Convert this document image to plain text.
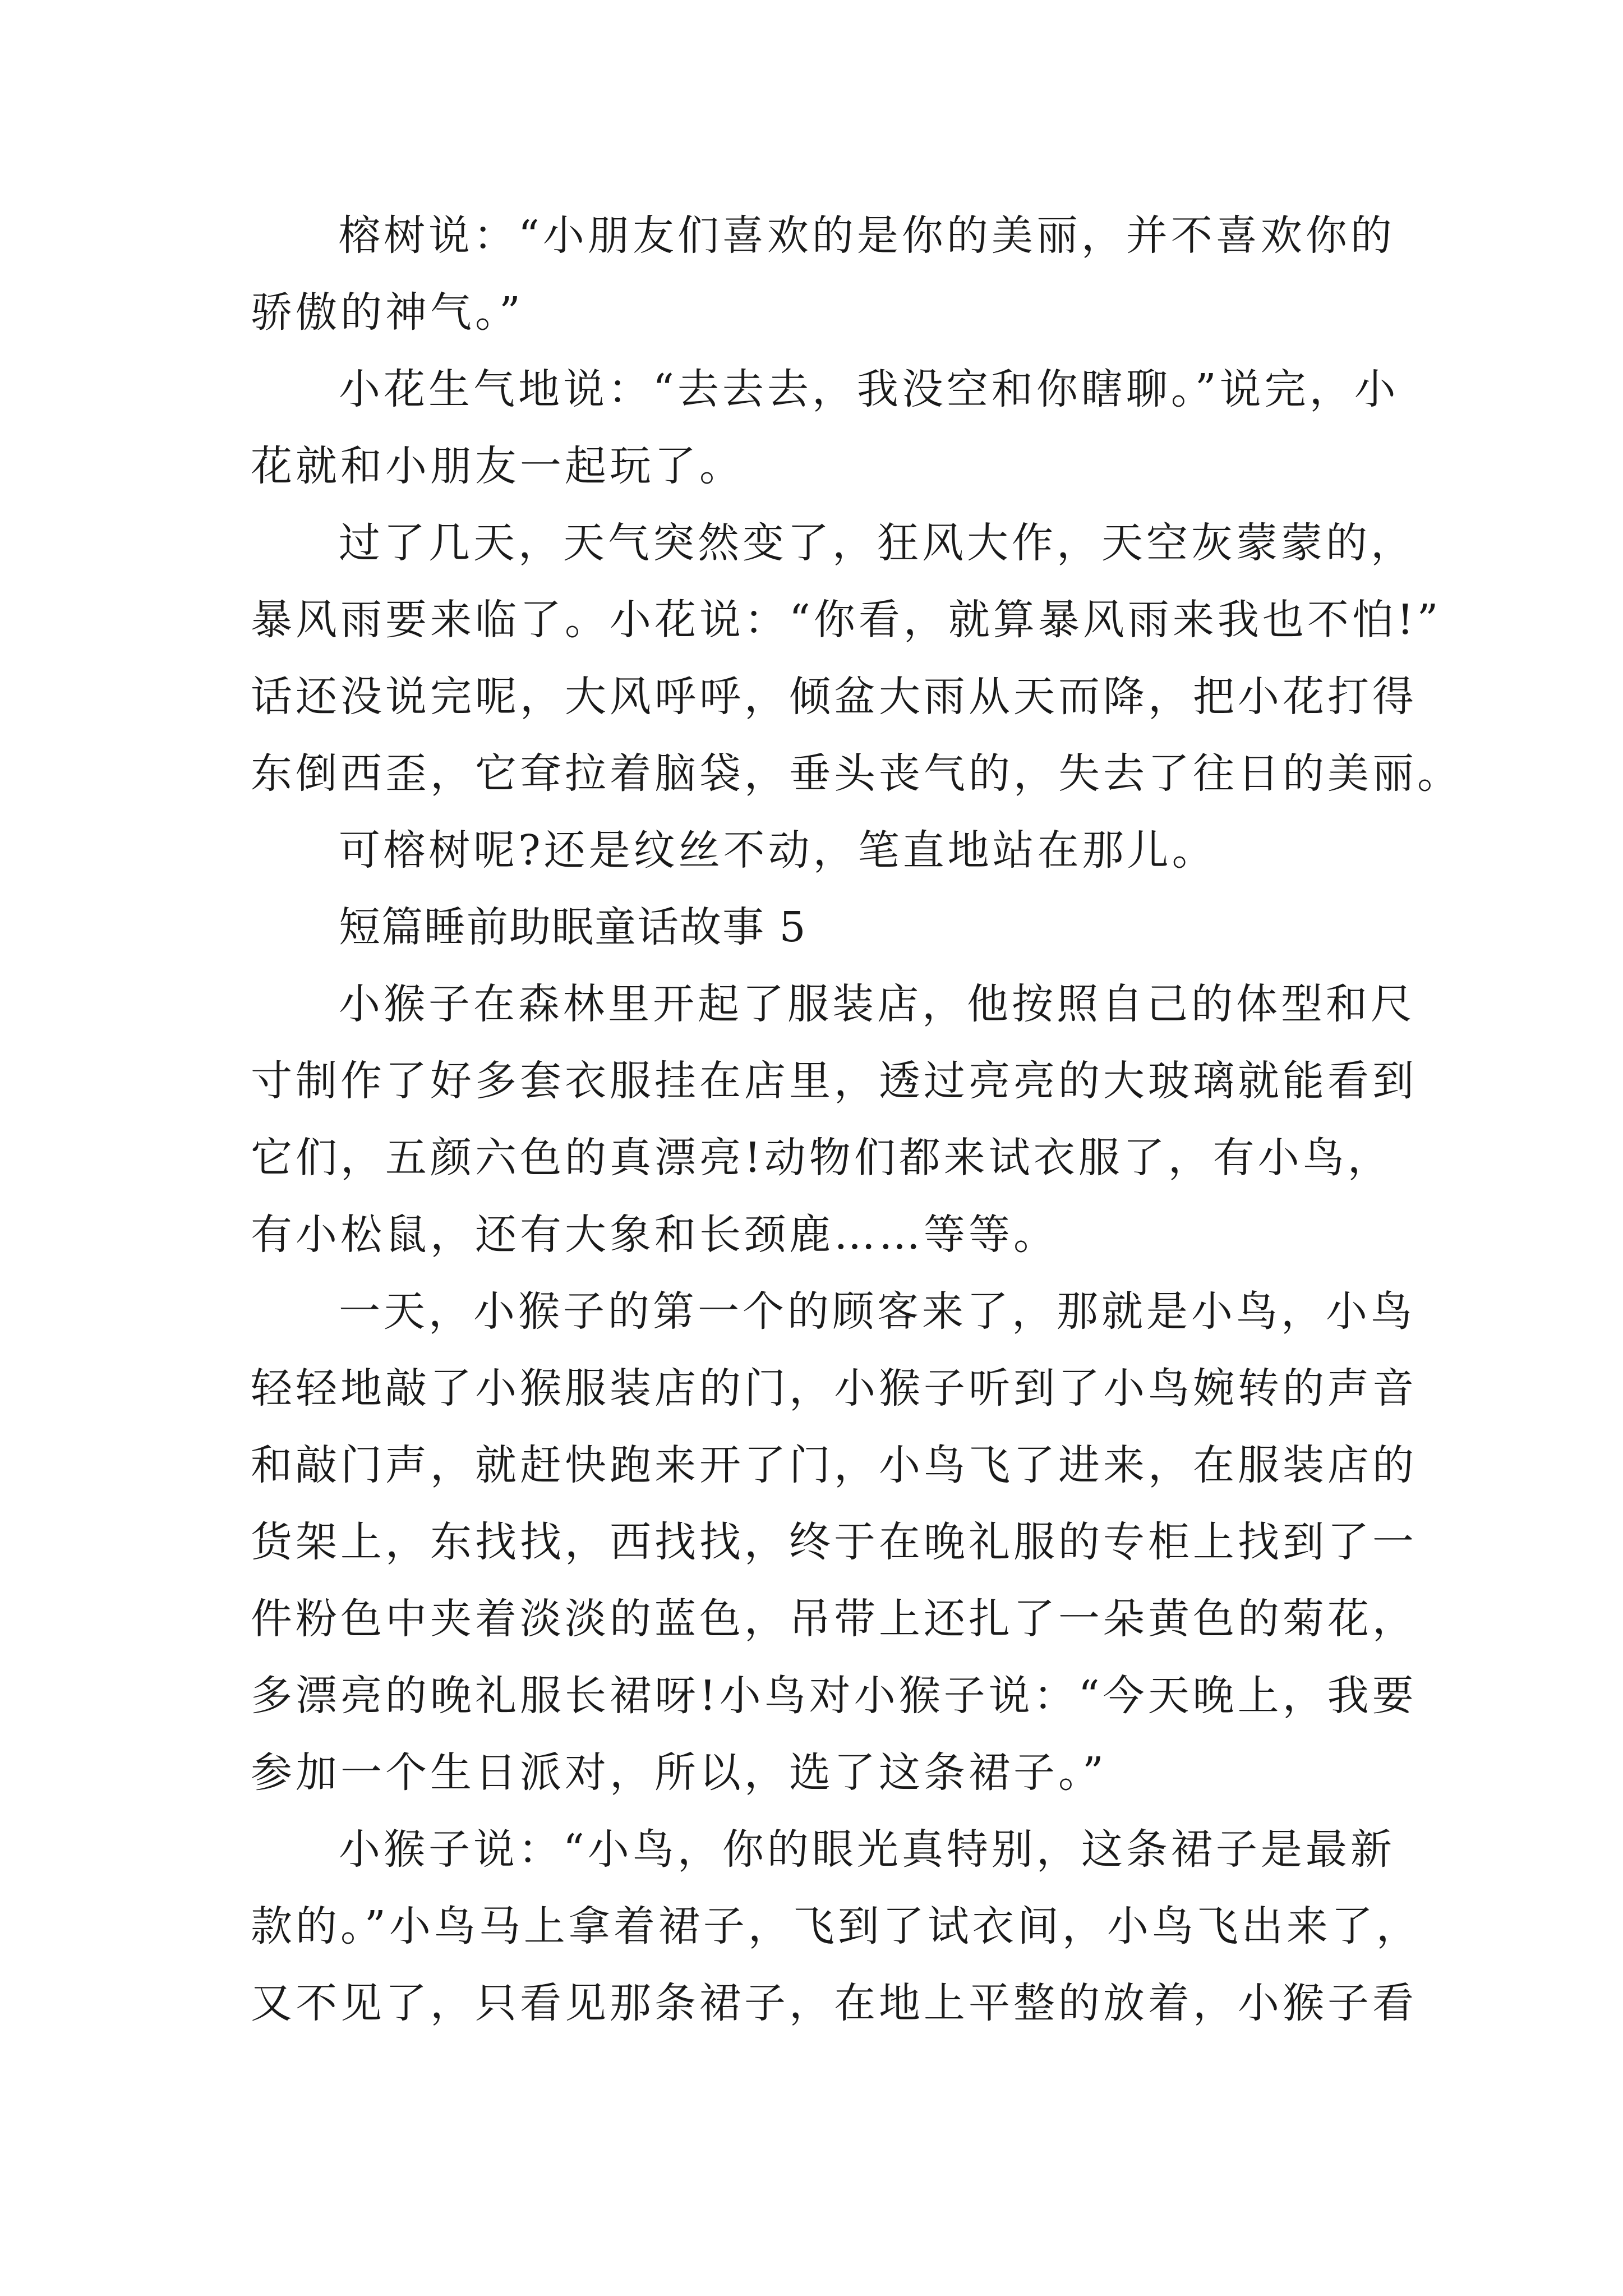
榕树说：“小朋友们喜欢的是你的美丽，并不喜欢你的
骄傲的神气。”
小花生气地说：“去去去，我没空和你瞎聊。”说完，小
花就和小朋友一起玩了。
过了几天，天气突然变了，狂风大作，天空灰蒙蒙的，
暴风雨要来临了。小花说：“你看，就算暴风雨来我也不怕!”
话还没说完呢，大风呼呼，倾盆大雨从天而降，把小花打得
东倒西歪，它耷拉着脑袋，垂头丧气的，失去了往日的美丽。
可榕树呢?还是纹丝不动，笔直地站在那儿。
短篇睡前助眠童话故事 5
小猴子在森林里开起了服装店，他按照自己的体型和尺
寸制作了好多套衣服挂在店里，透过亮亮的大玻璃就能看到
它们，五颜六色的真漂亮!动物们都来试衣服了，有小鸟，
有小松鼠，还有大象和长颈鹿……等等。
一天，小猴子的第一个的顾客来了，那就是小鸟，小鸟
轻轻地敲了小猴服装店的门，小猴子听到了小鸟婉转的声音
和敲门声，就赶快跑来开了门，小鸟飞了进来，在服装店的
货架上，东找找，西找找，终于在晚礼服的专柜上找到了一
件粉色中夹着淡淡的蓝色，吊带上还扎了一朵黄色的菊花，
多漂亮的晚礼服长裙呀!小鸟对小猴子说：“今天晚上，我要
参加一个生日派对，所以，选了这条裙子。”
小猴子说：“小鸟，你的眼光真特别，这条裙子是最新
款的。”小鸟马上拿着裙子，飞到了试衣间，小鸟飞出来了，
又不见了，只看见那条裙子，在地上平整的放着，小猴子看
